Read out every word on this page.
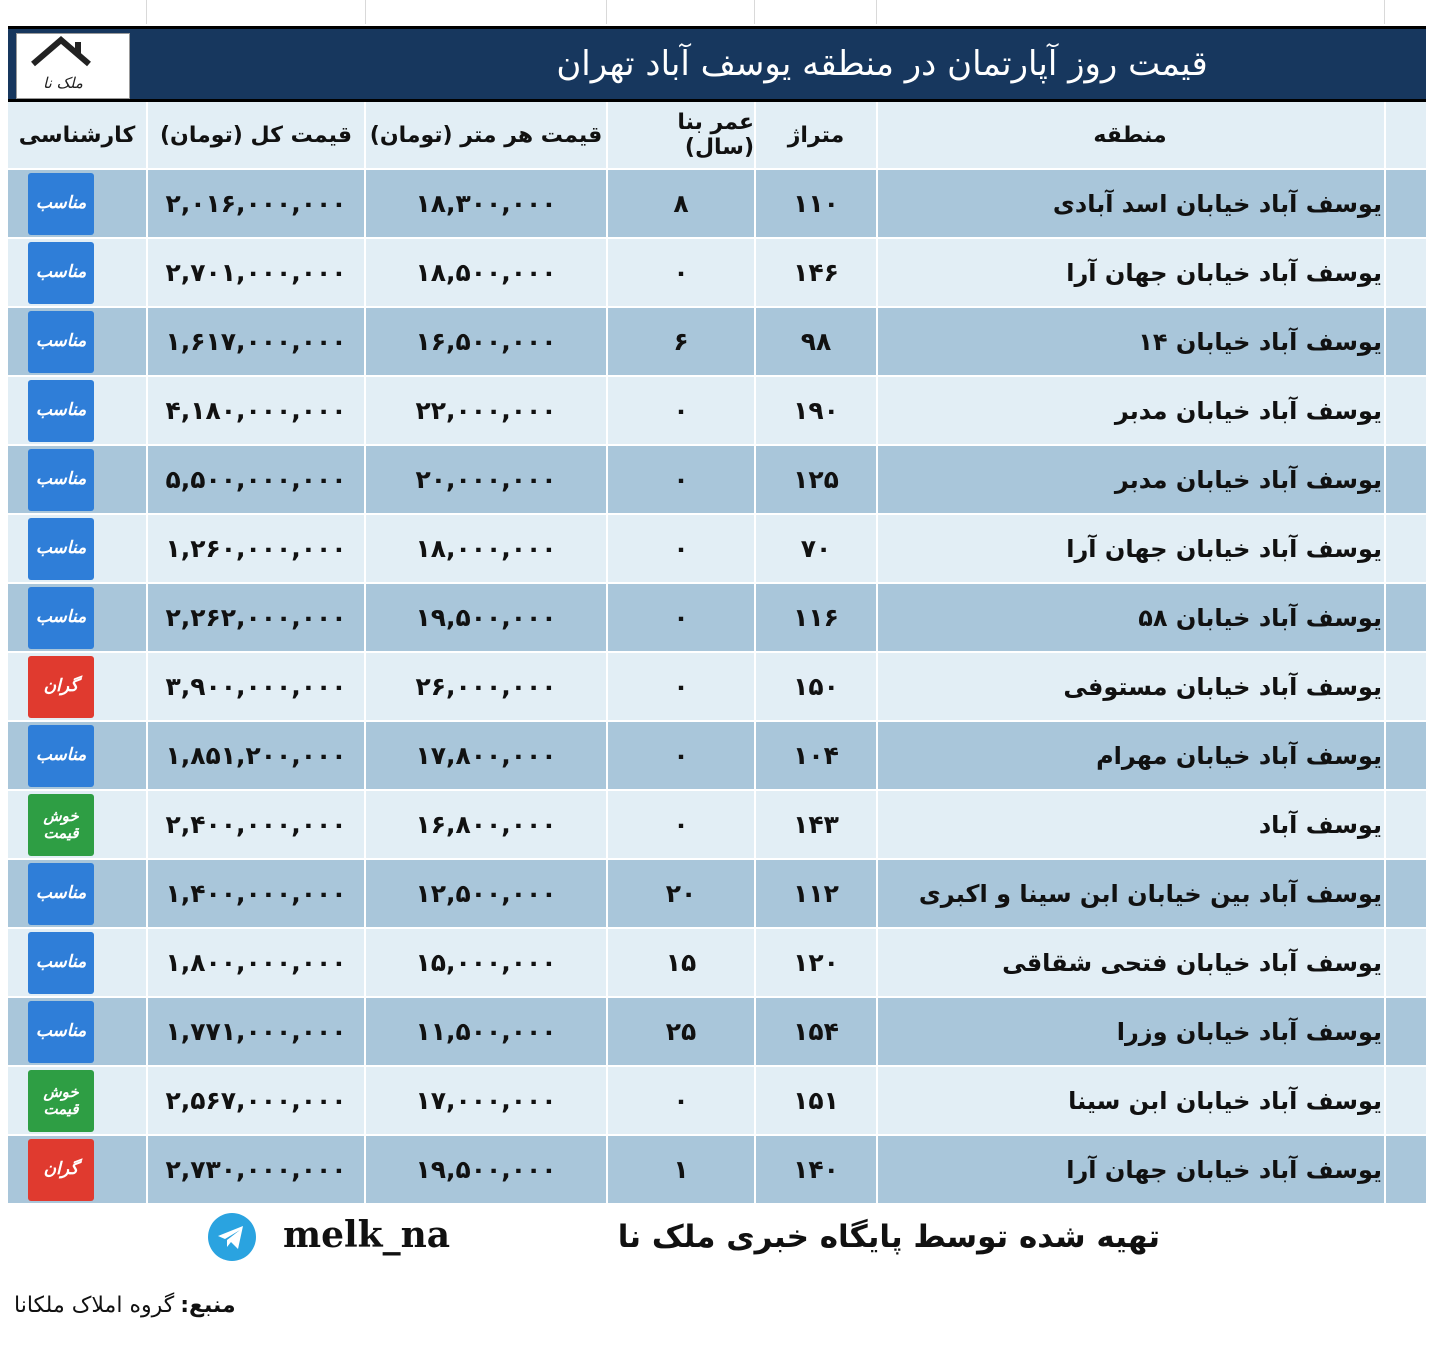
ملک نا	قیمت روز آپارتمان در منطقه یوسف آباد تهران
منطقه
متراژ
عمر بنا (سال)
قیمت هر متر (تومان)
قیمت کل (تومان)
کارشناسی
یوسف آباد خیابان اسد آبادی
۱۱۰
۸
۱۸,۳۰۰,۰۰۰
۲,۰۱۶,۰۰۰,۰۰۰
مناسب
یوسف آباد خیابان جهان آرا
۱۴۶
۰
۱۸,۵۰۰,۰۰۰
۲,۷۰۱,۰۰۰,۰۰۰
مناسب
یوسف آباد خیابان ۱۴
۹۸
۶
۱۶,۵۰۰,۰۰۰
۱,۶۱۷,۰۰۰,۰۰۰
مناسب
یوسف آباد خیابان مدبر
۱۹۰
۰
۲۲,۰۰۰,۰۰۰
۴,۱۸۰,۰۰۰,۰۰۰
مناسب
یوسف آباد خیابان مدبر
۱۲۵
۰
۲۰,۰۰۰,۰۰۰
۵,۵۰۰,۰۰۰,۰۰۰
مناسب
یوسف آباد خیابان جهان آرا
۷۰
۰
۱۸,۰۰۰,۰۰۰
۱,۲۶۰,۰۰۰,۰۰۰
مناسب
یوسف آباد خیابان ۵۸
۱۱۶
۰
۱۹,۵۰۰,۰۰۰
۲,۲۶۲,۰۰۰,۰۰۰
مناسب
یوسف آباد خیابان مستوفی
۱۵۰
۰
۲۶,۰۰۰,۰۰۰
۳,۹۰۰,۰۰۰,۰۰۰
گران
یوسف آباد خیابان مهرام
۱۰۴
۰
۱۷,۸۰۰,۰۰۰
۱,۸۵۱,۲۰۰,۰۰۰
مناسب
یوسف آباد
۱۴۳
۰
۱۶,۸۰۰,۰۰۰
۲,۴۰۰,۰۰۰,۰۰۰
خوش قیمت
یوسف آباد بین خیابان ابن سینا و اکبری
۱۱۲
۲۰
۱۲,۵۰۰,۰۰۰
۱,۴۰۰,۰۰۰,۰۰۰
مناسب
یوسف آباد خیابان فتحی شقاقی
۱۲۰
۱۵
۱۵,۰۰۰,۰۰۰
۱,۸۰۰,۰۰۰,۰۰۰
مناسب
یوسف آباد خیابان وزرا
۱۵۴
۲۵
۱۱,۵۰۰,۰۰۰
۱,۷۷۱,۰۰۰,۰۰۰
مناسب
یوسف آباد خیابان ابن سینا
۱۵۱
۰
۱۷,۰۰۰,۰۰۰
۲,۵۶۷,۰۰۰,۰۰۰
خوش قیمت
یوسف آباد خیابان جهان آرا
۱۴۰
۱
۱۹,۵۰۰,۰۰۰
۲,۷۳۰,۰۰۰,۰۰۰
گران
melk_na	تهیه شده توسط پایگاه خبری ملک نا
منبع:
گروه املاک ملکانا
